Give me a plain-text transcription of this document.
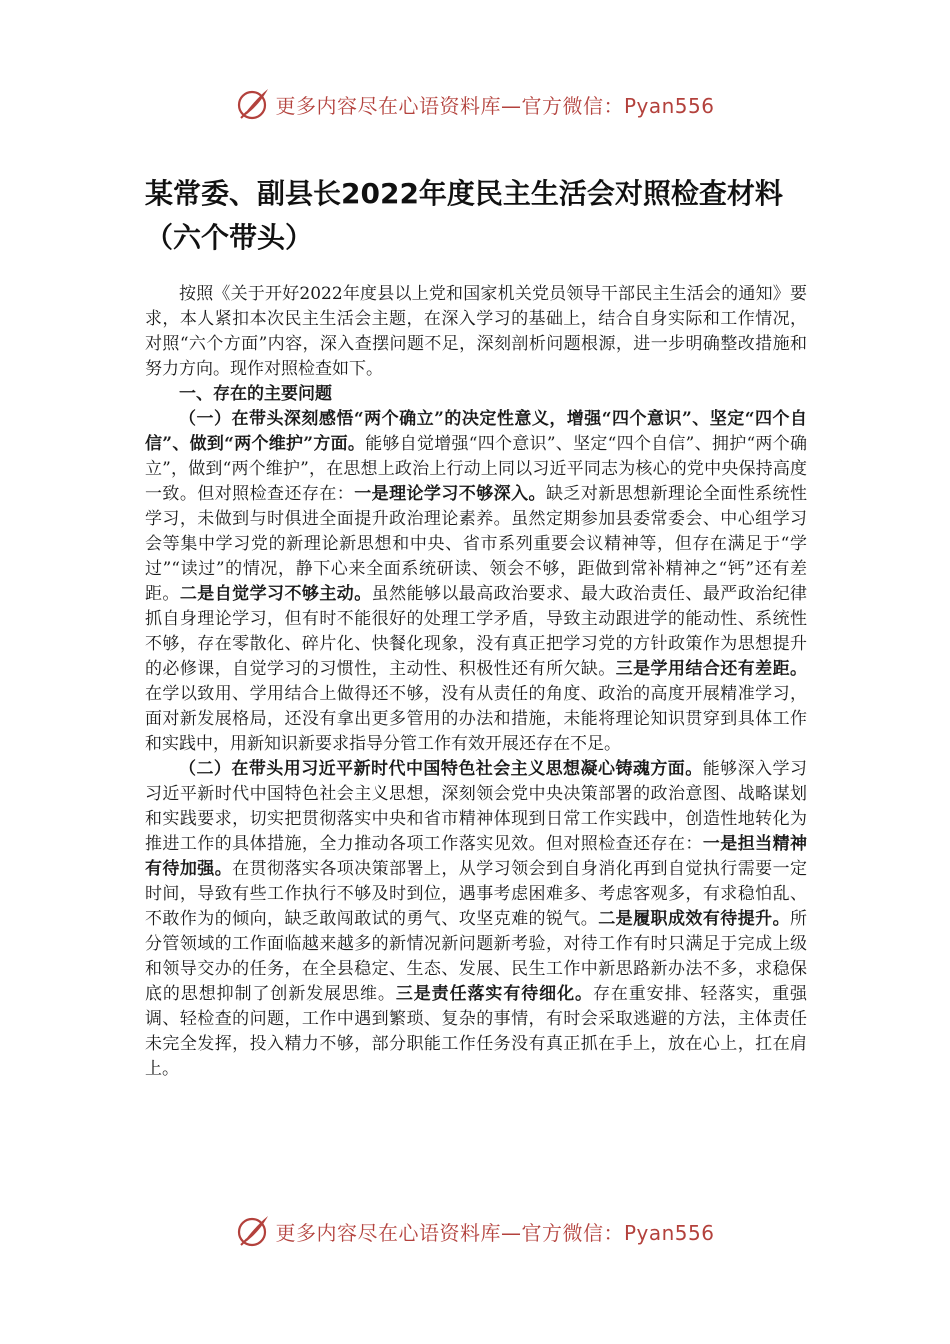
更多内容尽在心语资料库—官方微信：Pyan556
某常委、副县长2022年度民主生活会对照检查材料
（六个带头）

按照《关于开好2022年度县以上党和国家机关党员领导干部民主生活会的通知》要求，本人紧扣本次民主生活会主题，在深入学习的基础上，结合自身实际和工作情况，对照“六个方面”内容，深入查摆问题不足，深刻剖析问题根源，进一步明确整改措施和努力方向。现作对照检查如下。

一、存在的主要问题

（一）在带头深刻感悟“两个确立”的决定性意义，增强“四个意识”、坚定“四个自信”、做到“两个维护”方面。能够自觉增强“四个意识”、坚定“四个自信”、拥护“两个确立”，做到“两个维护”，在思想上政治上行动上同以习近平同志为核心的党中央保持高度一致。但对照检查还存在：一是理论学习不够深入。缺乏对新思想新理论全面性系统性学习，未做到与时俱进全面提升政治理论素养。虽然定期参加县委常委会、中心组学习会等集中学习党的新理论新思想和中央、省市系列重要会议精神等，但存在满足于“学过”“读过”的情况，静下心来全面系统研读、领会不够，距做到常补精神之“钙”还有差距。二是自觉学习不够主动。虽然能够以最高政治要求、最大政治责任、最严政治纪律抓自身理论学习，但有时不能很好的处理工学矛盾，导致主动跟进学的能动性、系统性不够，存在零散化、碎片化、快餐化现象，没有真正把学习党的方针政策作为思想提升的必修课，自觉学习的习惯性，主动性、积极性还有所欠缺。三是学用结合还有差距。在学以致用、学用结合上做得还不够，没有从责任的角度、政治的高度开展精准学习，面对新发展格局，还没有拿出更多管用的办法和措施，未能将理论知识贯穿到具体工作和实践中，用新知识新要求指导分管工作有效开展还存在不足。

（二）在带头用习近平新时代中国特色社会主义思想凝心铸魂方面。能够深入学习习近平新时代中国特色社会主义思想，深刻领会党中央决策部署的政治意图、战略谋划和实践要求，切实把贯彻落实中央和省市精神体现到日常工作实践中，创造性地转化为推进工作的具体措施，全力推动各项工作落实见效。但对照检查还存在：一是担当精神有待加强。在贯彻落实各项决策部署上，从学习领会到自身消化再到自觉执行需要一定时间，导致有些工作执行不够及时到位，遇事考虑困难多、考虑客观多，有求稳怕乱、不敢作为的倾向，缺乏敢闯敢试的勇气、攻坚克难的锐气。二是履职成效有待提升。所分管领域的工作面临越来越多的新情况新问题新考验，对待工作有时只满足于完成上级和领导交办的任务，在全县稳定、生态、发展、民生工作中新思路新办法不多，求稳保底的思想抑制了创新发展思维。三是责任落实有待细化。存在重安排、轻落实，重强调、轻检查的问题，工作中遇到繁琐、复杂的事情，有时会采取逃避的方法，主体责任未完全发挥，投入精力不够，部分职能工作任务没有真正抓在手上，放在心上，扛在肩上。

更多内容尽在心语资料库—官方微信：Pyan556
